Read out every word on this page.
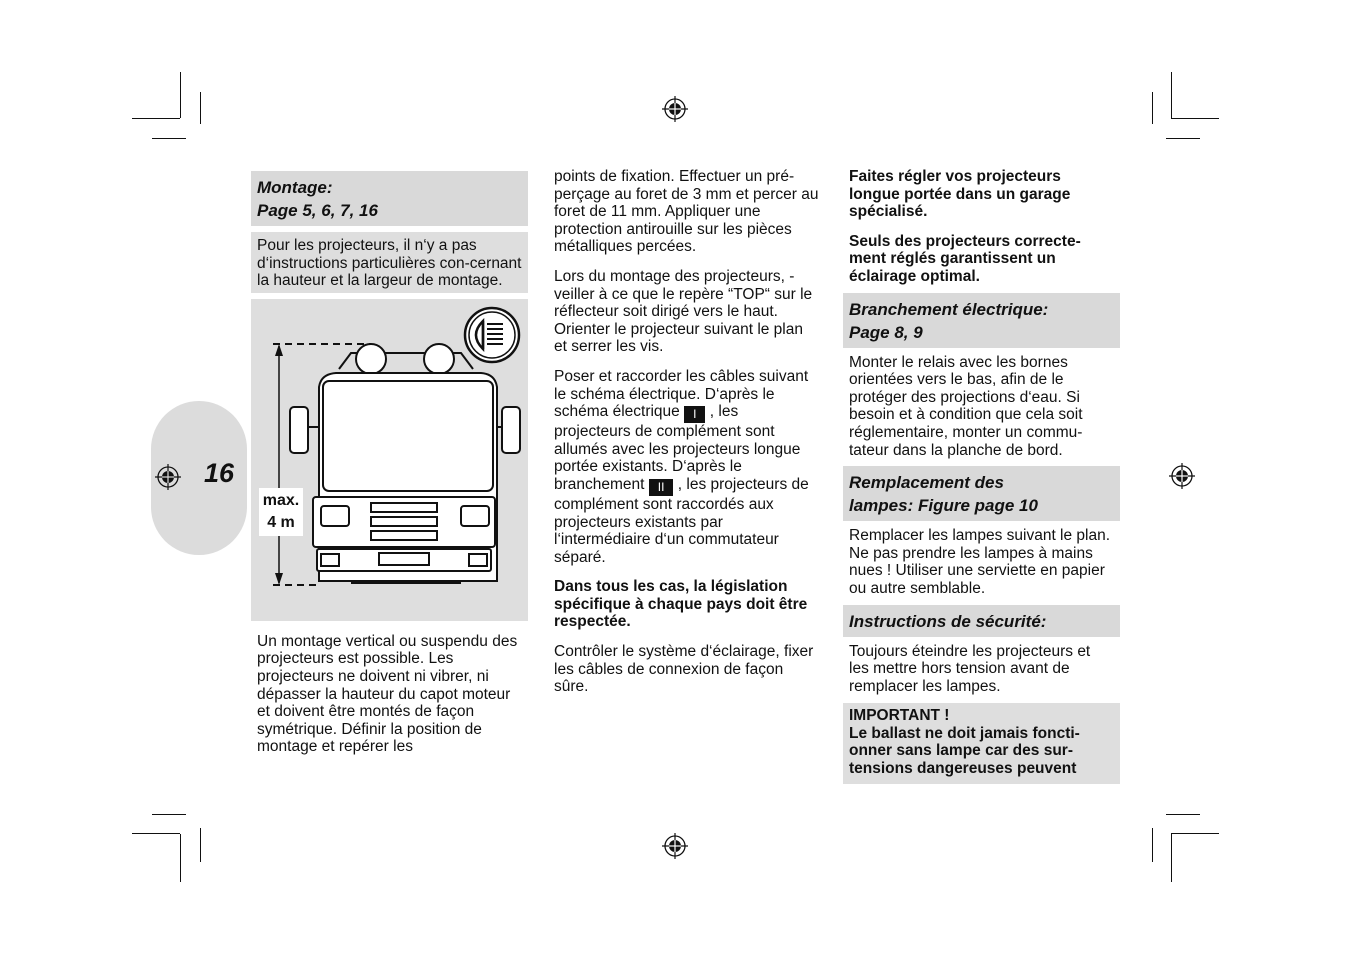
16
Montage:
Page 5, 6, 7, 16
Pour les projecteurs, il n‘y a pas d‘instructions particulières con-cernant la hauteur et la largeur de montage.
max.
4 m
Un montage vertical ou suspendu des projecteurs est possible. Les projecteurs ne doivent ni vibrer, ni dépasser la hauteur du capot moteur et doivent être montés de façon symétrique. Définir la position de montage et repérer les
points de fixation. Effectuer un pré-perçage au foret de 3 mm et percer au foret de 11 mm. Appliquer une protection antirouille sur les pièces métalliques percées.
Lors du montage des projecteurs, - veiller à ce que le repère “TOP“ sur le réflecteur soit dirigé vers le haut. Orienter le projecteur suivant le plan et serrer les vis.
Poser et raccorder les câbles suivant le schéma électrique. D‘après le schéma électrique I , les projecteurs de complément sont allumés avec les projecteurs longue portée existants. D‘après le branchement II , les projecteurs de complément sont raccordés aux projecteurs existants par l‘intermédiaire d‘un commutateur séparé.
Dans tous les cas, la législation spécifique à chaque pays doit être respectée.
Contrôler le système d‘éclairage, fixer les câbles de connexion de façon sûre.
Faites régler vos projecteurs longue portée dans un garage spécialisé.
Seuls des projecteurs correcte-ment réglés garantissent un éclairage optimal.
Branchement électrique:
Page 8, 9
Monter le relais avec les bornes orientées vers le bas, afin de le protéger des projections d‘eau. Si besoin et à condition que cela soit réglementaire, monter un commu-tateur dans la planche de bord.
Remplacement des
lampes: Figure page 10
Remplacer les lampes suivant le plan. Ne pas prendre les lampes à mains nues ! Utiliser une serviette en papier ou autre semblable.
Instructions de sécurité:
Toujours éteindre les projecteurs et les mettre hors tension avant de remplacer les lampes.
IMPORTANT !
Le ballast ne doit jamais foncti-onner sans lampe car des sur-tensions dangereuses peuvent
